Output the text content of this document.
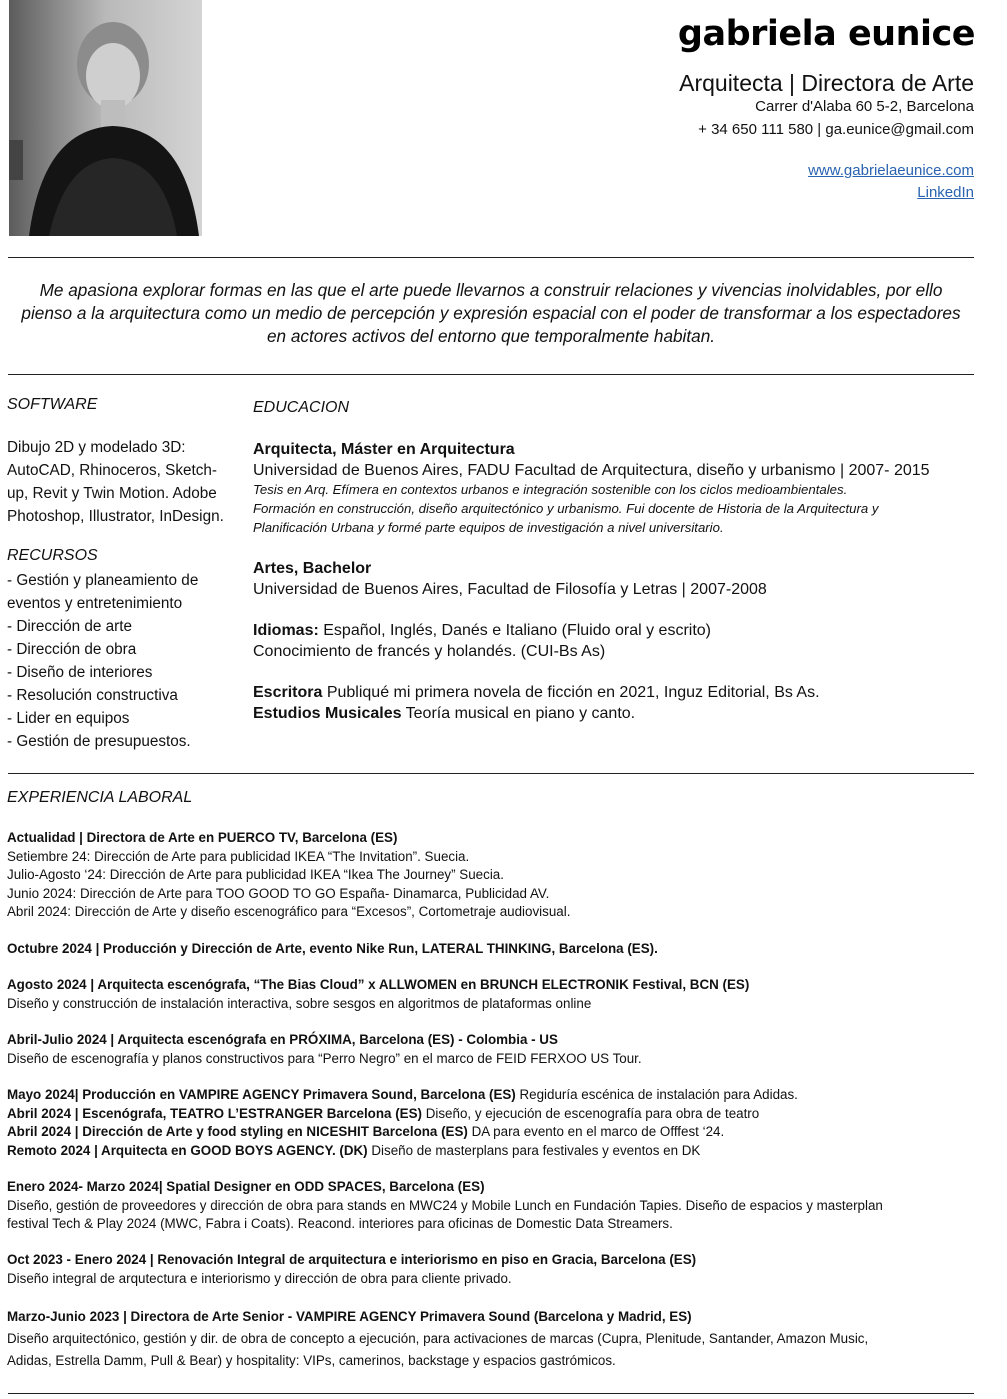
gabriela eunice
Arquitecta | Directora de Arte
Carrer d'Alaba 60 5-2, Barcelona
+ 34 650 111 580 | ga.eunice@gmail.com
www.gabrielaeunice.com
LinkedIn
Me apasiona explorar formas en las que el arte puede llevarnos a construir relaciones y vivencias inolvidables, por ello pienso a la arquitectura como un medio de percepción y expresión espacial con el poder de transformar a los espectadores en actores activos del entorno que temporalmente habitan.
SOFTWARE
Dibujo 2D y modelado 3D:
AutoCAD, Rhinoceros, Sketch-
up, Revit y Twin Motion. Adobe
Photoshop, Illustrator, InDesign.
RECURSOS
- Gestión y planeamiento de
eventos y entretenimiento
- Dirección de arte
- Dirección de obra
- Diseño de interiores
- Resolución constructiva
- Lider en equipos
- Gestión de presupuestos.
EDUCACION
Arquitecta, Máster en Arquitectura
Universidad de Buenos Aires, FADU Facultad de Arquitectura, diseño y urbanismo | 2007- 2015
Tesis en Arq. Efímera en contextos urbanos e integración sostenible con los ciclos medioambientales.
Formación en construcción, diseño arquitectónico y urbanismo. Fui docente de Historia de la Arquitectura y
Planificación Urbana y formé parte equipos de investigación a nivel universitario.
Artes, Bachelor
Universidad de Buenos Aires, Facultad de Filosofía y Letras | 2007-2008
Idiomas: Español, Inglés, Danés e Italiano (Fluido oral y escrito)
Conocimiento de francés y holandés. (CUI-Bs As)
Escritora Publiqué mi primera novela de ficción en 2021, Inguz Editorial, Bs As.
Estudios Musicales Teoría musical en piano y canto.
EXPERIENCIA LABORAL
Actualidad | Directora de Arte en PUERCO TV, Barcelona (ES)
Setiembre 24: Dirección de Arte para publicidad IKEA “The Invitation”. Suecia.
Julio-Agosto ‘24: Dirección de Arte para publicidad IKEA “Ikea The Journey” Suecia.
Junio 2024: Dirección de Arte para TOO GOOD TO GO España- Dinamarca, Publicidad AV.
Abril 2024: Dirección de Arte y diseño escenográfico para “Excesos”, Cortometraje audiovisual.
Octubre 2024 | Producción y Dirección de Arte, evento Nike Run, LATERAL THINKING, Barcelona (ES).
Agosto 2024 | Arquitecta escenógrafa, “The Bias Cloud” x ALLWOMEN en BRUNCH ELECTRONIK Festival, BCN (ES)
Diseño y construcción de instalación interactiva, sobre sesgos en algoritmos de plataformas online
Abril-Julio 2024 | Arquitecta escenógrafa en PRÓXIMA, Barcelona (ES) - Colombia - US
Diseño de escenografía y planos constructivos para “Perro Negro” en el marco de FEID FERXOO US Tour.
Mayo 2024| Producción en VAMPIRE AGENCY Primavera Sound, Barcelona (ES) Regiduría escénica de instalación para Adidas.
Abril 2024 | Escenógrafa, TEATRO L’ESTRANGER Barcelona (ES) Diseño, y ejecución de escenografía para obra de teatro
Abril 2024 | Dirección de Arte y food styling en NICESHIT Barcelona (ES) DA para evento en el marco de Offfest ‘24.
Remoto 2024 | Arquitecta en GOOD BOYS AGENCY. (DK) Diseño de masterplans para festivales y eventos en DK
Enero 2024- Marzo 2024| Spatial Designer en ODD SPACES, Barcelona (ES)
Diseño, gestión de proveedores y dirección de obra para stands en MWC24 y Mobile Lunch en Fundación Tapies. Diseño de espacios y masterplan
festival Tech & Play 2024 (MWC, Fabra i Coats). Reacond. interiores para oficinas de Domestic Data Streamers.
Oct 2023 - Enero 2024 | Renovación Integral de arquitectura e interiorismo en piso en Gracia, Barcelona (ES)
Diseño integral de arqutectura e interiorismo y dirección de obra para cliente privado.
Marzo-Junio 2023 | Directora de Arte Senior - VAMPIRE AGENCY Primavera Sound (Barcelona y Madrid, ES)
Diseño arquitectónico, gestión y dir. de obra de concepto a ejecución, para activaciones de marcas (Cupra, Plenitude, Santander, Amazon Music,
Adidas, Estrella Damm, Pull & Bear) y hospitality: VIPs, camerinos, backstage y espacios gastrómicos.
